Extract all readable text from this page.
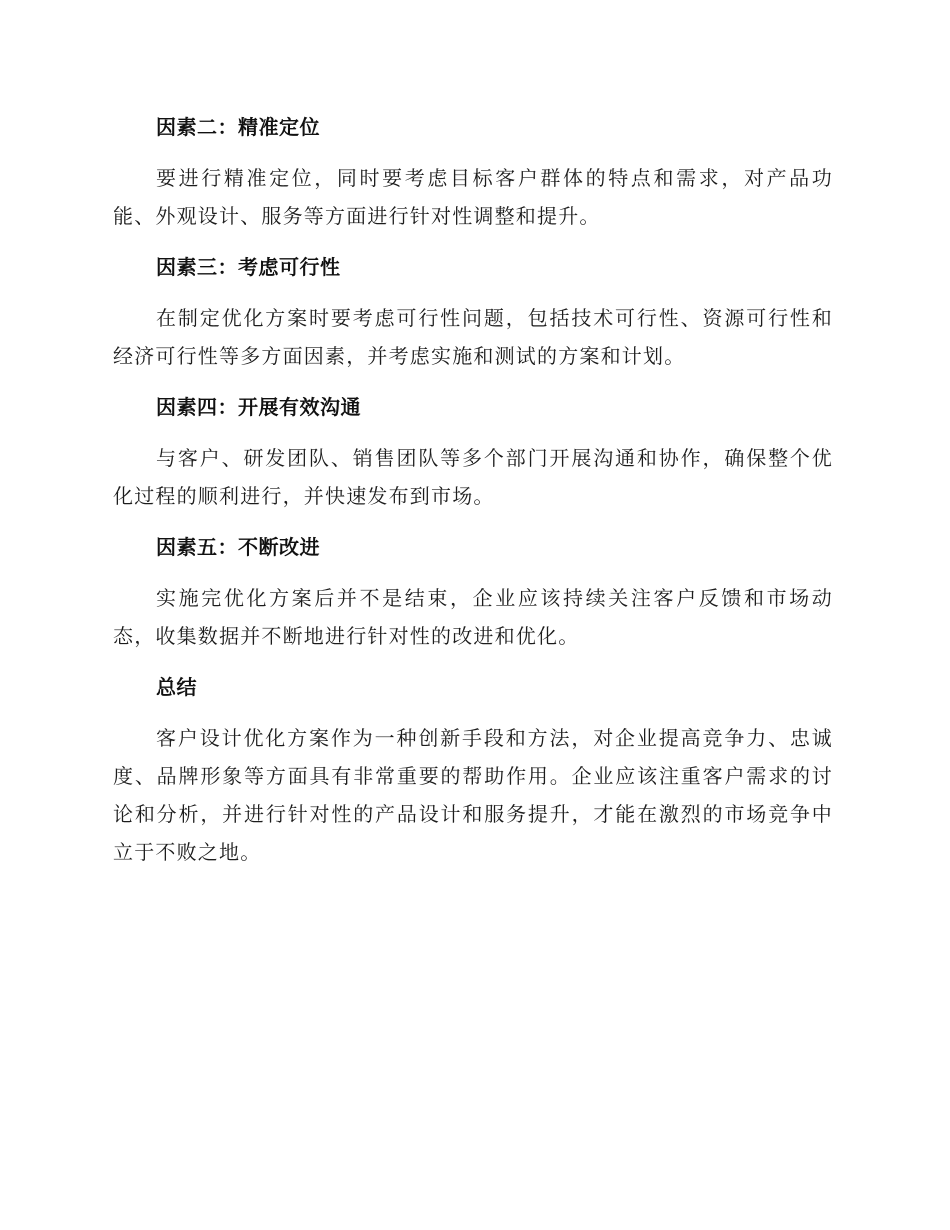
因素二：精准定位

要进行精准定位，同时要考虑目标客户群体的特点和需求，对产品功能、外观设计、服务等方面进行针对性调整和提升。

因素三：考虑可行性

在制定优化方案时要考虑可行性问题，包括技术可行性、资源可行性和经济可行性等多方面因素，并考虑实施和测试的方案和计划。

因素四：开展有效沟通

与客户、研发团队、销售团队等多个部门开展沟通和协作，确保整个优化过程的顺利进行，并快速发布到市场。

因素五：不断改进

实施完优化方案后并不是结束，企业应该持续关注客户反馈和市场动态，收集数据并不断地进行针对性的改进和优化。

总结

客户设计优化方案作为一种创新手段和方法，对企业提高竞争力、忠诚度、品牌形象等方面具有非常重要的帮助作用。企业应该注重客户需求的讨论和分析，并进行针对性的产品设计和服务提升，才能在激烈的市场竞争中立于不败之地。
